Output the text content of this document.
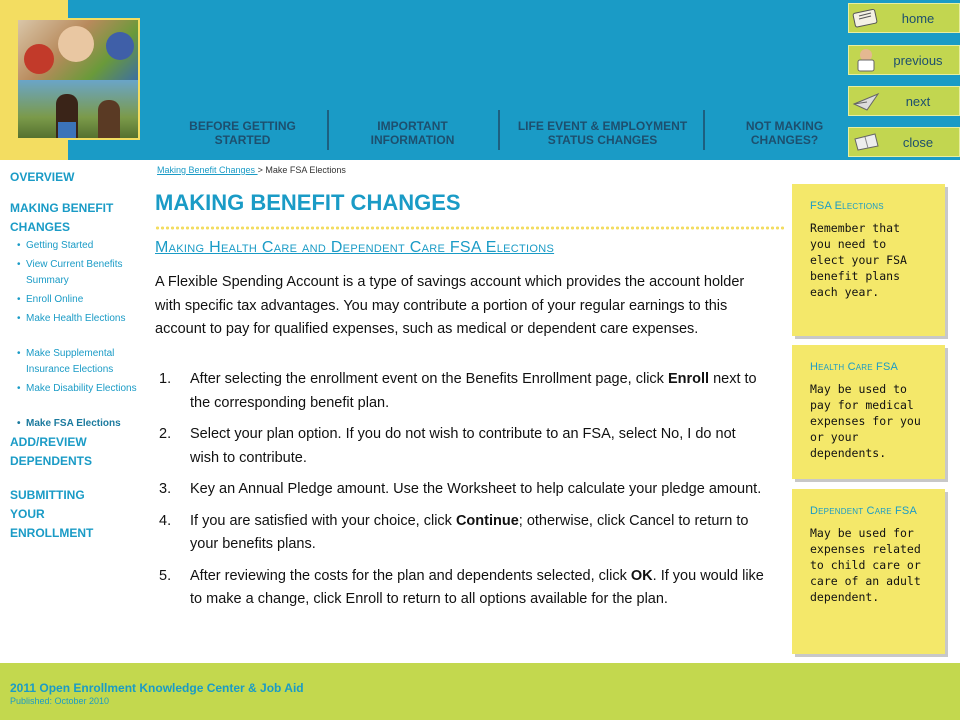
BEFORE GETTING STARTED
IMPORTANT INFORMATION
LIFE EVENT & EMPLOYMENT STATUS CHANGES
NOT MAKING CHANGES?
home
previous
next
close
OVERVIEW
MAKING BENEFIT CHANGES
• Getting Started
• View Current Benefits Summary
• Enroll Online
• Make Health Elections
• Make Supplemental Insurance Elections
• Make Disability Elections
• Make FSA Elections
ADD/REVIEW DEPENDENTS
SUBMITTING YOUR ENROLLMENT
Making Benefit Changes > Make FSA Elections
MAKING BENEFIT CHANGES
Making Health Care and Dependent Care FSA Elections
A Flexible Spending Account is a type of savings account which provides the account holder with specific tax advantages. You may contribute a portion of your regular earnings to this account to pay for qualified expenses, such as medical or dependent care expenses.
1. After selecting the enrollment event on the Benefits Enrollment page, click Enroll next to the corresponding benefit plan.
2. Select your plan option. If you do not wish to contribute to an FSA, select No, I do not wish to contribute.
3. Key an Annual Pledge amount. Use the Worksheet to help calculate your pledge amount.
4. If you are satisfied with your choice, click Continue; otherwise, click Cancel to return to your benefits plans.
5. After reviewing the costs for the plan and dependents selected, click OK. If you would like to make a change, click Enroll to return to all options available for the plan.
FSA Elections
Remember that you need to elect your FSA benefit plans each year.
Health Care FSA
May be used to pay for medical expenses for you or your dependents.
Dependent Care FSA
May be used for expenses related to child care or care of an adult dependent.
2011 Open Enrollment Knowledge Center & Job Aid
Published: October 2010
